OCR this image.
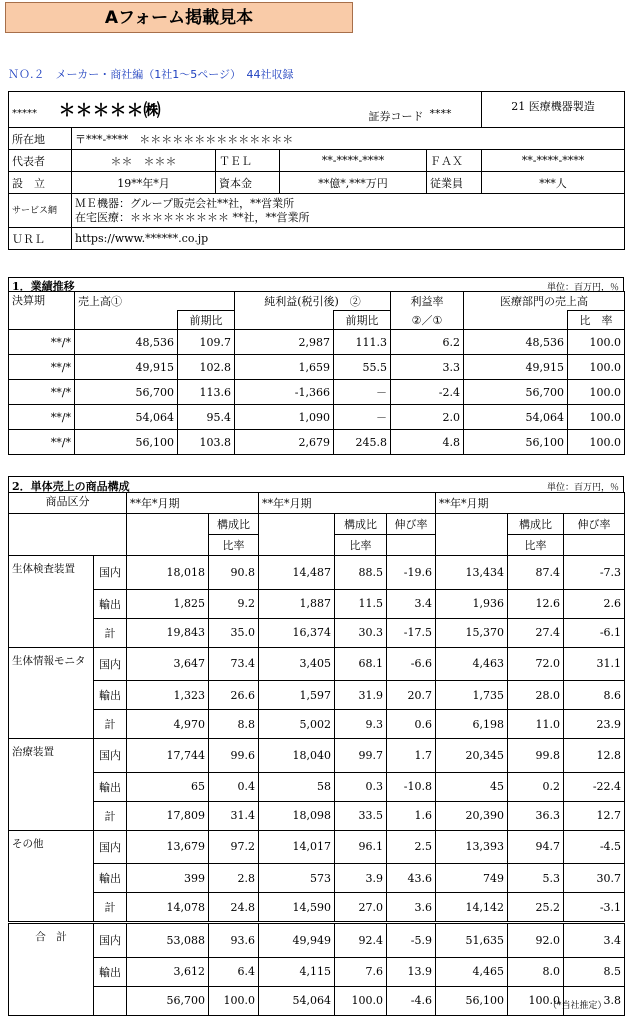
Aフォーム掲載見本
ＮＯ.２　メーカー・商社編（1社1～5ページ）　44社収録
***** ＊＊＊＊＊㈱ 証券コード				****	21 医療機器製造
所在地	〒***-****　＊＊＊＊＊＊＊＊＊＊＊＊＊＊				
代表者	＊＊　＊＊＊	ＴＥＬ	**-****-****	ＦＡＸ	**-****-****
設　立	19**年*月	資本金	**億*,***万円	従業員	***人
サービス網	ＭＥ機器：グループ販売会社**社，**営業所
在宅医療：＊＊＊＊＊＊＊＊＊ **社，**営業所				

ＵＲＬ	https://www.******.co.jp				
1．業績推移	単位：百万円，％
決算期	売上高①		純利益(税引後)　②		利益率	医療部門の売上高	
		前期比		前期比	②／①		比　率
**/*	48,536	109.7	2,987	111.3	6.2	48,536	100.0
**/*	49,915	102.8	1,659	55.5	3.3	49,915	100.0
**/*	56,700	113.6	-1,366	－	-2.4	56,700	100.0
**/*	54,064	95.4	1,090	－	2.0	54,064	100.0
**/*	56,100	103.8	2,679	245.8	4.8	56,100	100.0
2．単体売上の商品構成	単位：百万円，％
商品区分		**年*月期		**年*月期			**年*月期		
			構成比		構成比	伸び率		構成比	伸び率
			比率		比率			比率	
生体検査装置	国内	18,018	90.8	14,487	88.5	-19.6	13,434	87.4	-7.3
	輸出	1,825	9.2	1,887	11.5	3.4	1,936	12.6	2.6
	計	19,843	35.0	16,374	30.3	-17.5	15,370	27.4	-6.1
生体情報モニタ	国内	3,647	73.4	3,405	68.1	-6.6	4,463	72.0	31.1
	輸出	1,323	26.6	1,597	31.9	20.7	1,735	28.0	8.6
	計	4,970	8.8	5,002	9.3	0.6	6,198	11.0	23.9
治療装置	国内	17,744	99.6	18,040	99.7	1.7	20,345	99.8	12.8
	輸出	65	0.4	58	0.3	-10.8	45	0.2	-22.4
	計	17,809	31.4	18,098	33.5	1.6	20,390	36.3	12.7
その他	国内	13,679	97.2	14,017	96.1	2.5	13,393	94.7	-4.5
	輸出	399	2.8	573	3.9	43.6	749	5.3	30.7
	計	14,078	24.8	14,590	27.0	3.6	14,142	25.2	-3.1
合　計	国内	53,088	93.6	49,949	92.4	-5.9	51,635	92.0	3.4
	輸出	3,612	6.4	4,115	7.6	13.9	4,465	8.0	8.5
		56,700	100.0	54,064	100.0	-4.6	56,100	100.0	3.8
（*当社推定）
